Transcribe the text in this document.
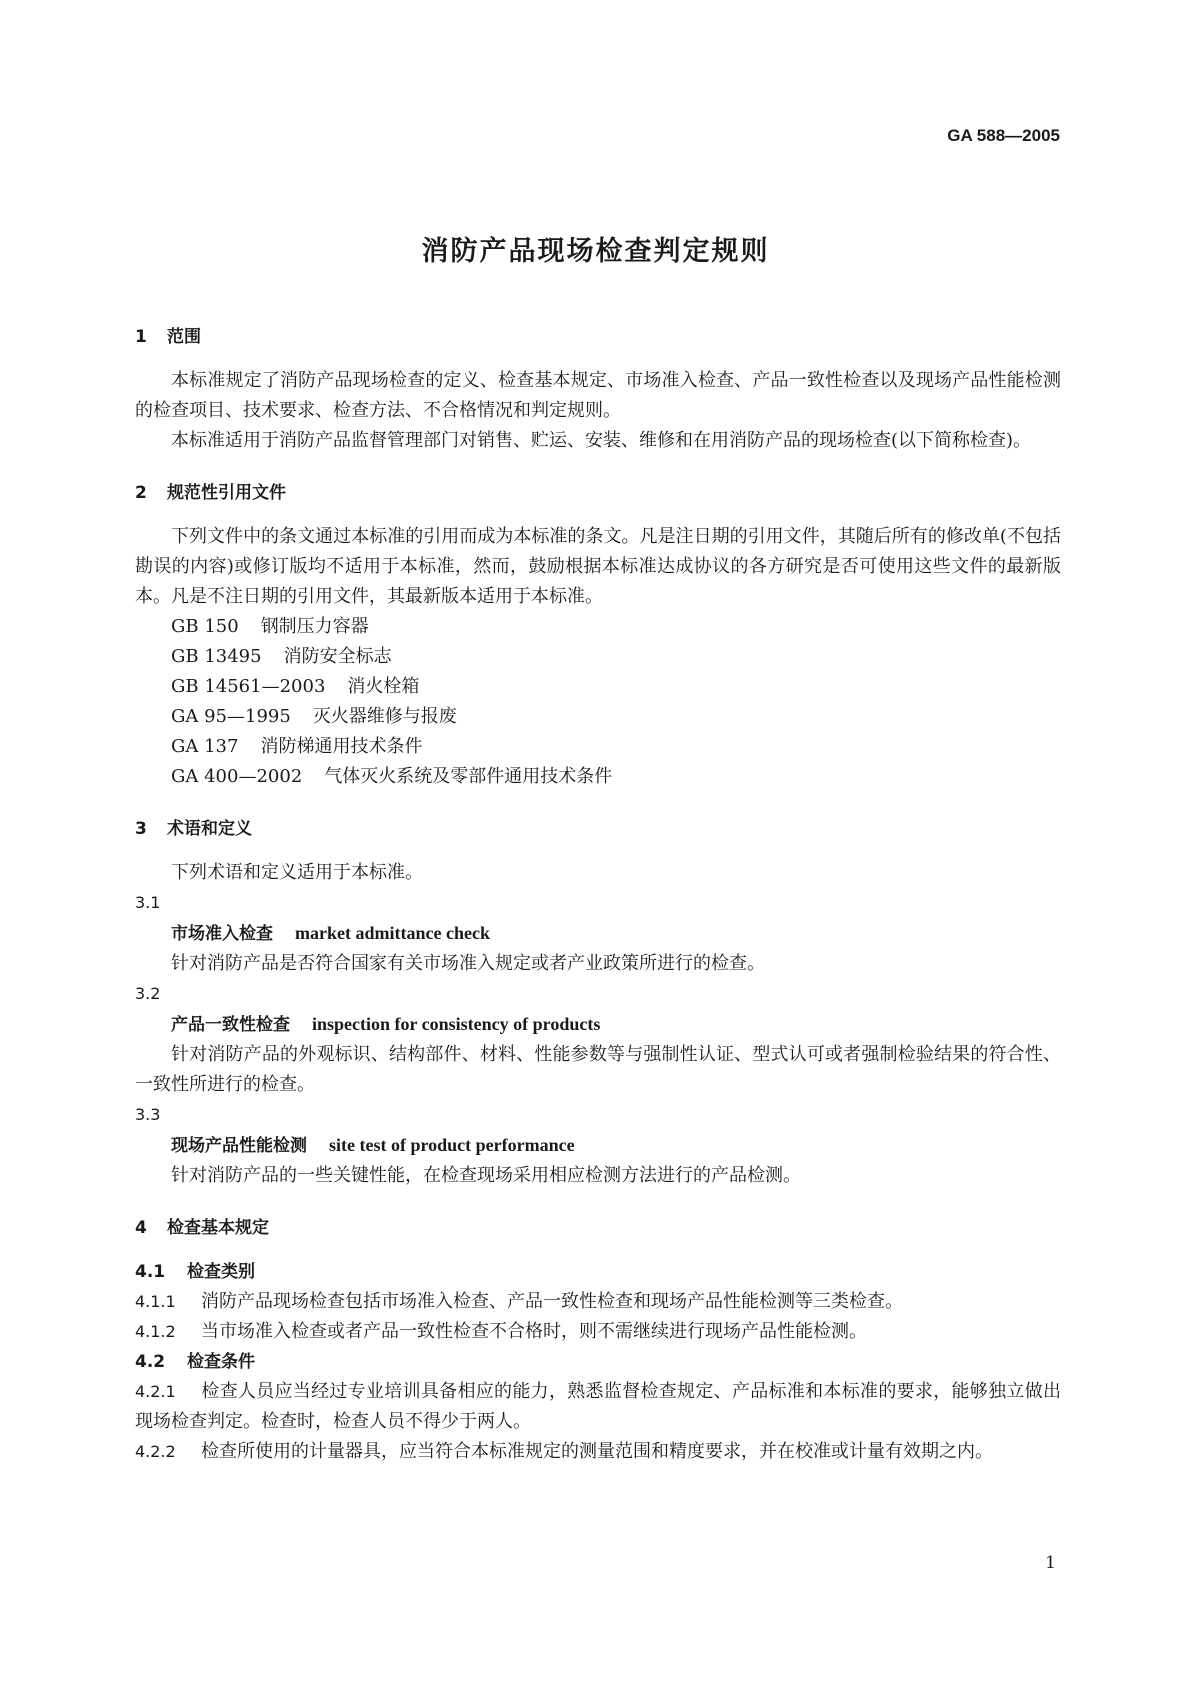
GA 588—2005
消防产品现场检查判定规则
1 范围
本标准规定了消防产品现场检查的定义、检查基本规定、市场准入检查、产品一致性检查以及现场产品性能检测的检查项目、技术要求、检查方法、不合格情况和判定规则。
本标准适用于消防产品监督管理部门对销售、贮运、安装、维修和在用消防产品的现场检查(以下简称检查)。
2 规范性引用文件
下列文件中的条文通过本标准的引用而成为本标准的条文。凡是注日期的引用文件，其随后所有的修改单(不包括勘误的内容)或修订版均不适用于本标准，然而，鼓励根据本标准达成协议的各方研究是否可使用这些文件的最新版本。凡是不注日期的引用文件，其最新版本适用于本标准。
GB 150 钢制压力容器
GB 13495 消防安全标志
GB 14561—2003 消火栓箱
GA 95—1995 灭火器维修与报废
GA 137 消防梯通用技术条件
GA 400—2002 气体灭火系统及零部件通用技术条件
3 术语和定义
下列术语和定义适用于本标准。
3.1
市场准入检查 market admittance check
针对消防产品是否符合国家有关市场准入规定或者产业政策所进行的检查。
3.2
产品一致性检查 inspection for consistency of products
针对消防产品的外观标识、结构部件、材料、性能参数等与强制性认证、型式认可或者强制检验结果的符合性、一致性所进行的检查。
3.3
现场产品性能检测 site test of product performance
针对消防产品的一些关键性能，在检查现场采用相应检测方法进行的产品检测。
4 检查基本规定
4.1 检查类别
4.1.1 消防产品现场检查包括市场准入检查、产品一致性检查和现场产品性能检测等三类检查。
4.1.2 当市场准入检查或者产品一致性检查不合格时，则不需继续进行现场产品性能检测。
4.2 检查条件
4.2.1 检查人员应当经过专业培训具备相应的能力，熟悉监督检查规定、产品标准和本标准的要求，能够独立做出现场检查判定。检查时，检查人员不得少于两人。
4.2.2 检查所使用的计量器具，应当符合本标准规定的测量范围和精度要求，并在校准或计量有效期之内。
1
